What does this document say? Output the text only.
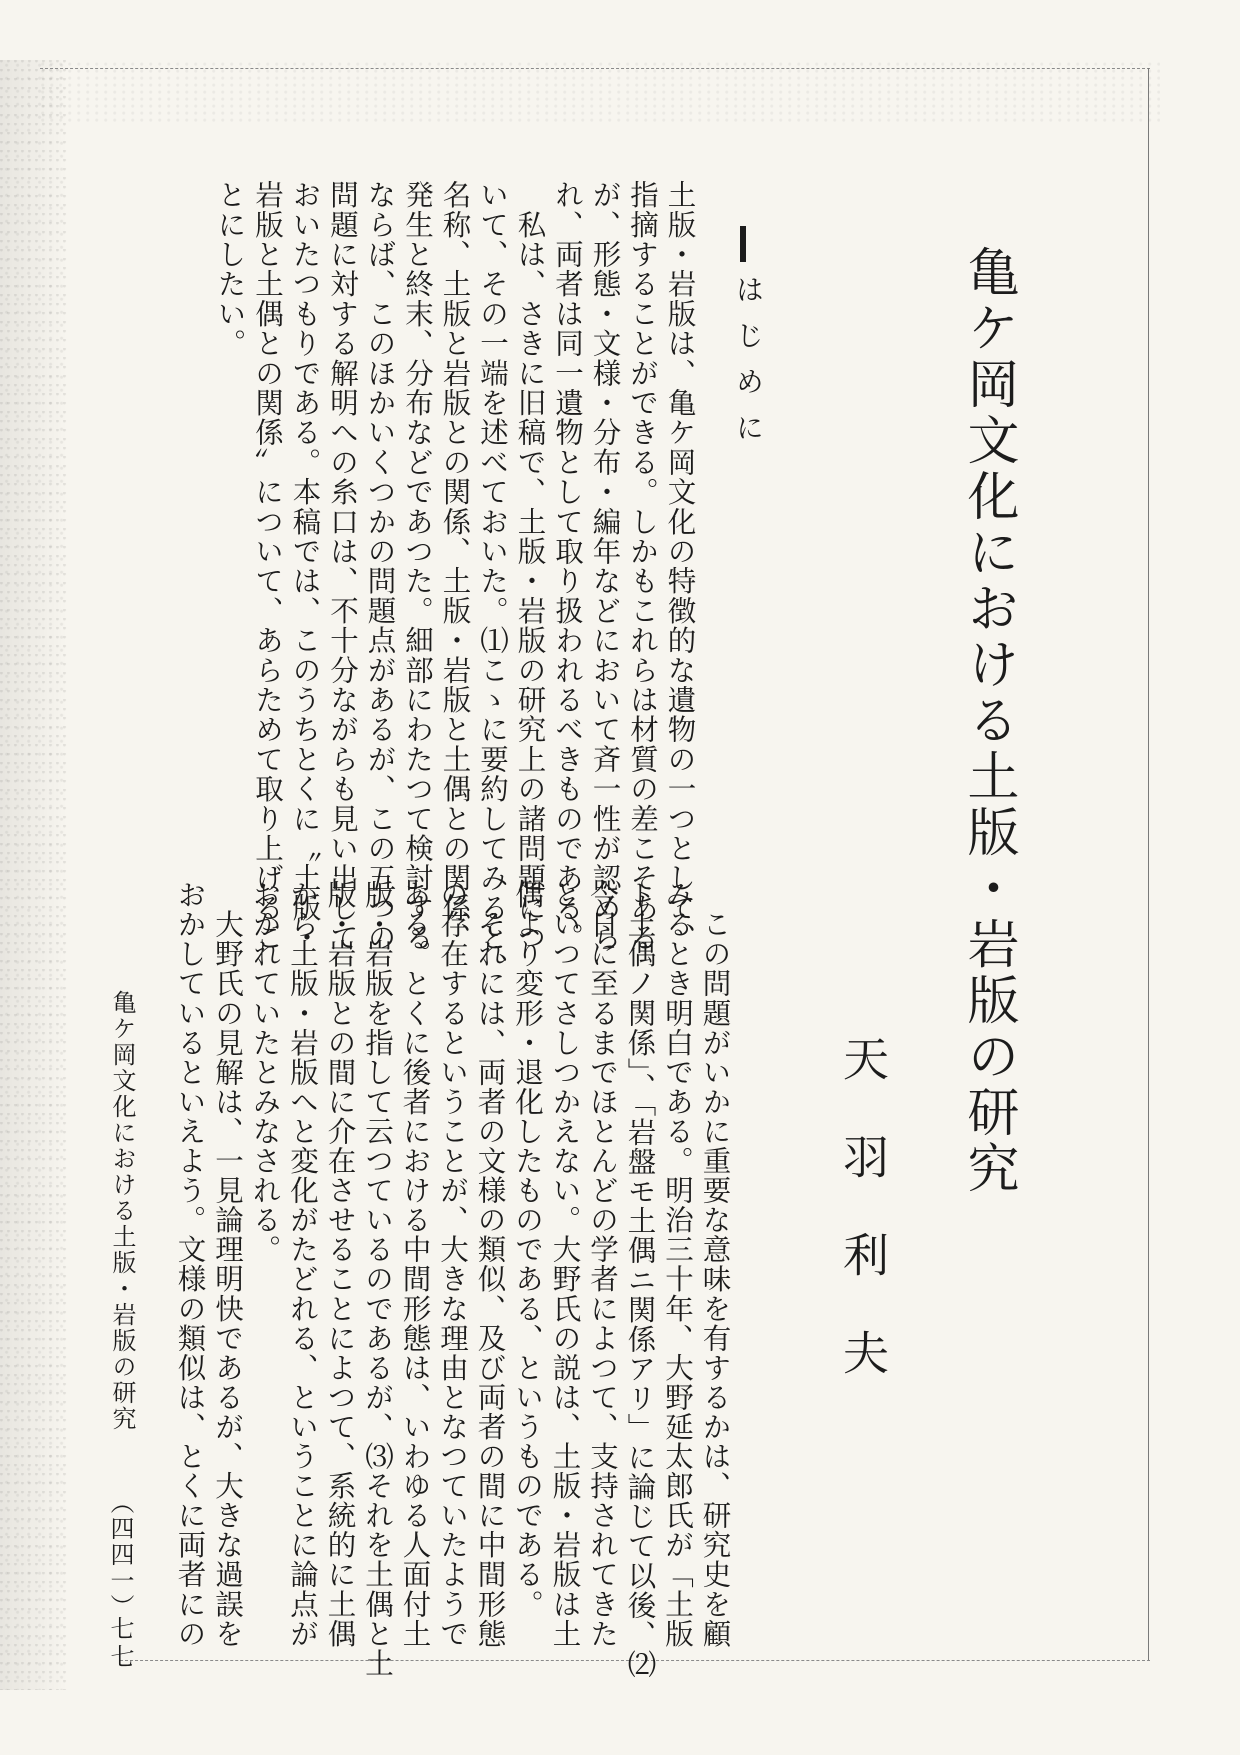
亀ケ岡文化における土版・岩版の研究
天羽利夫
はじめに
土版・岩版は、亀ケ岡文化の特徴的な遺物の一つとして、
指摘することができる。しかもこれらは材質の差こそある
が、形態・文様・分布・編年などにおいて斉一性が認めら
れ、両者は同一遺物として取り扱われるべきものである。
　私は、さきに旧稿で、土版・岩版の研究上の諸問題につ
いて、その一端を述べておいた。⑴こゝに要約してみると、
名称、土版と岩版との関係、土版・岩版と土偶との関係、
発生と終末、分布などであつた。細部にわたつて検討する
ならば、このほかいくつかの問題点があるが、この五つの
問題に対する解明への糸口は、不十分ながらも見い出して
おいたつもりである。本稿では、このうちとくに〝土版・
岩版と土偶との関係〟について、あらためて取り上げるこ
とにしたい。
　この問題がいかに重要な意味を有するかは、研究史を顧
みるとき明白である。明治三十年、大野延太郎氏が「土版
ト土偶ノ関係」、「岩盤モ土偶ニ関係アリ」に論じて以後、⑵
今日に至るまでほとんどの学者によつて、支持されてきた
といつてさしつかえない。大野氏の説は、土版・岩版は土
偶より変形・退化したものである、というものである。
　それには、両者の文様の類似、及び両者の間に中間形態
の存在するということが、大きな理由となつていたようで
ある。とくに後者における中間形態は、いわゆる人面付土
版・岩版を指して云つているのであるが、⑶それを土偶と土
版・岩版との間に介在させることによつて、系統的に土偶
から土版・岩版へと変化がたどれる、ということに論点が
おかれていたとみなされる。
　大野氏の見解は、一見論理明快であるが、大きな過誤を
おかしているといえよう。文様の類似は、とくに両者にの
亀ケ岡文化における土版・岩版の研究
（四四一）
七七
